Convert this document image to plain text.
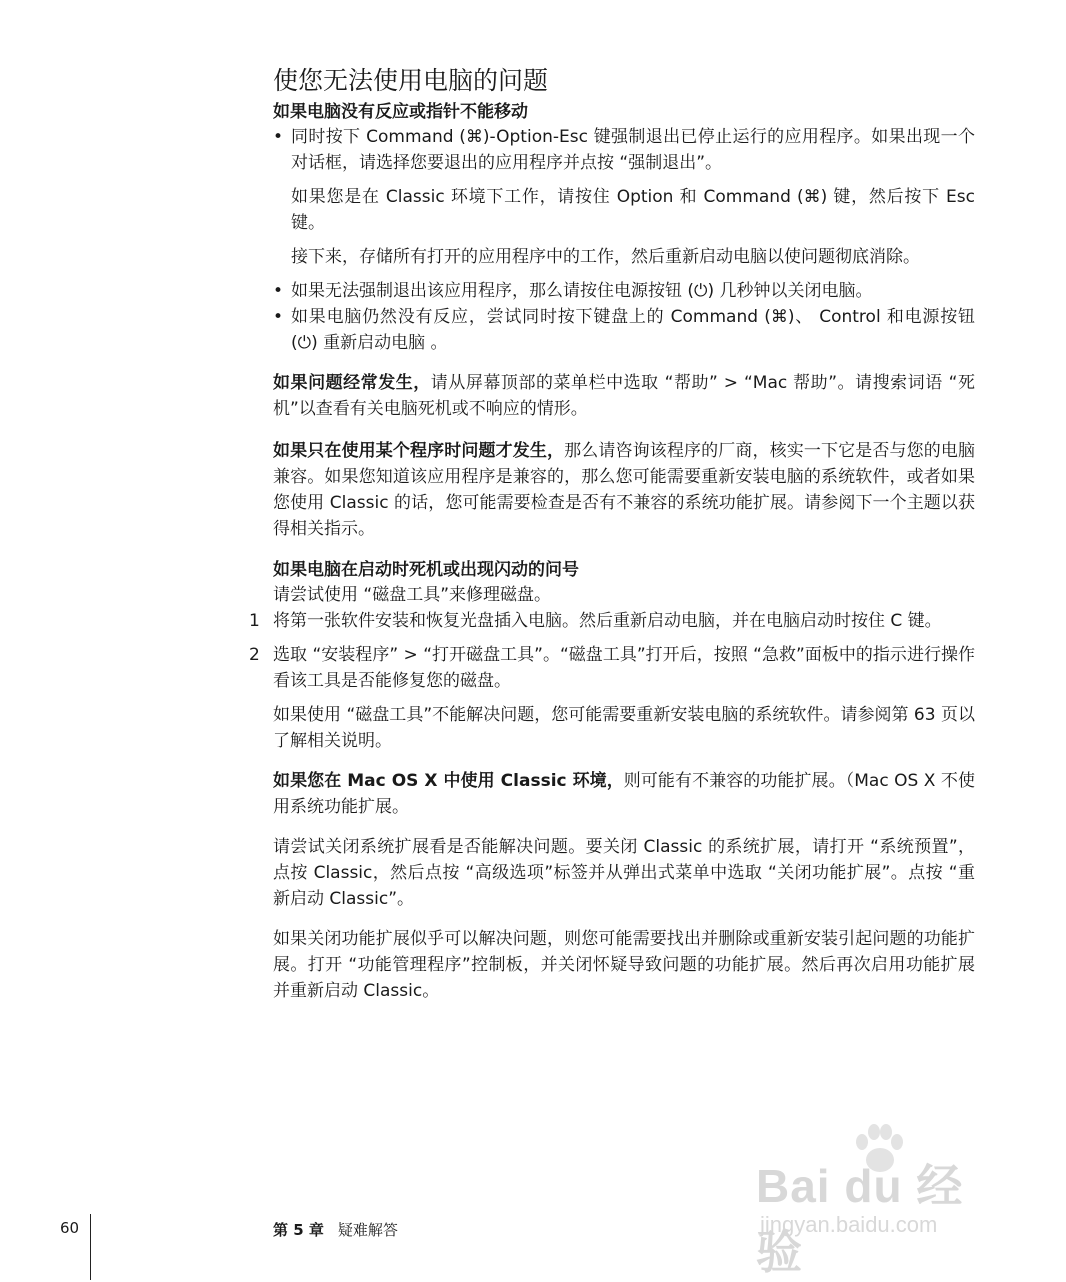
使您无法使用电脑的问题
如果电脑没有反应或指针不能移动
• 同时按下 Command (⌘)-Option-Esc 键强制退出已停止运行的应用程序。如果出现一个对话框，请选择您要退出的应用程序并点按 “强制退出”。

如果您是在 Classic 环境下工作，请按住 Option 和 Command (⌘) 键，然后按下 Esc 键。

接下来，存储所有打开的应用程序中的工作，然后重新启动电脑以使问题彻底消除。

• 如果无法强制退出该应用程序，那么请按住电源按钮 (⏻) 几秒钟以关闭电脑。
• 如果电脑仍然没有反应，尝试同时按下键盘上的 Command (⌘)、 Control 和电源按钮 (⏻) 重新启动电脑 。

如果问题经常发生，请从屏幕顶部的菜单栏中选取 “帮助” > “Mac 帮助”。请搜索词语 “死机”以查看有关电脑死机或不响应的情形。

如果只在使用某个程序时问题才发生，那么请咨询该程序的厂商，核实一下它是否与您的电脑兼容。如果您知道该应用程序是兼容的，那么您可能需要重新安装电脑的系统软件，或者如果您使用 Classic 的话，您可能需要检查是否有不兼容的系统功能扩展。请参阅下一个主题以获得相关指示。

如果电脑在启动时死机或出现闪动的问号

请尝试使用 “磁盘工具”来修理磁盘。

1 将第一张软件安装和恢复光盘插入电脑。然后重新启动电脑，并在电脑启动时按住 C 键。
2 选取 “安装程序” > “打开磁盘工具”。“磁盘工具”打开后，按照 “急救”面板中的指示进行操作看该工具是否能修复您的磁盘。

如果使用 “磁盘工具”不能解决问题，您可能需要重新安装电脑的系统软件。请参阅第 63 页以了解相关说明。

如果您在 Mac OS X 中使用 Classic 环境，则可能有不兼容的功能扩展。（Mac OS X 不使用系统功能扩展。

请尝试关闭系统扩展看是否能解决问题。要关闭 Classic 的系统扩展，请打开 “系统预置”，点按 Classic，然后点按 “高级选项”标签并从弹出式菜单中选取 “关闭功能扩展”。点按 “重新启动 Classic”。

如果关闭功能扩展似乎可以解决问题，则您可能需要找出并删除或重新安装引起问题的功能扩展。打开 “功能管理程序”控制板，并关闭怀疑导致问题的功能扩展。然后再次启用功能扩展并重新启动 Classic。

60	第 5 章 疑难解答
Bai du 经验
jingyan.baidu.com
